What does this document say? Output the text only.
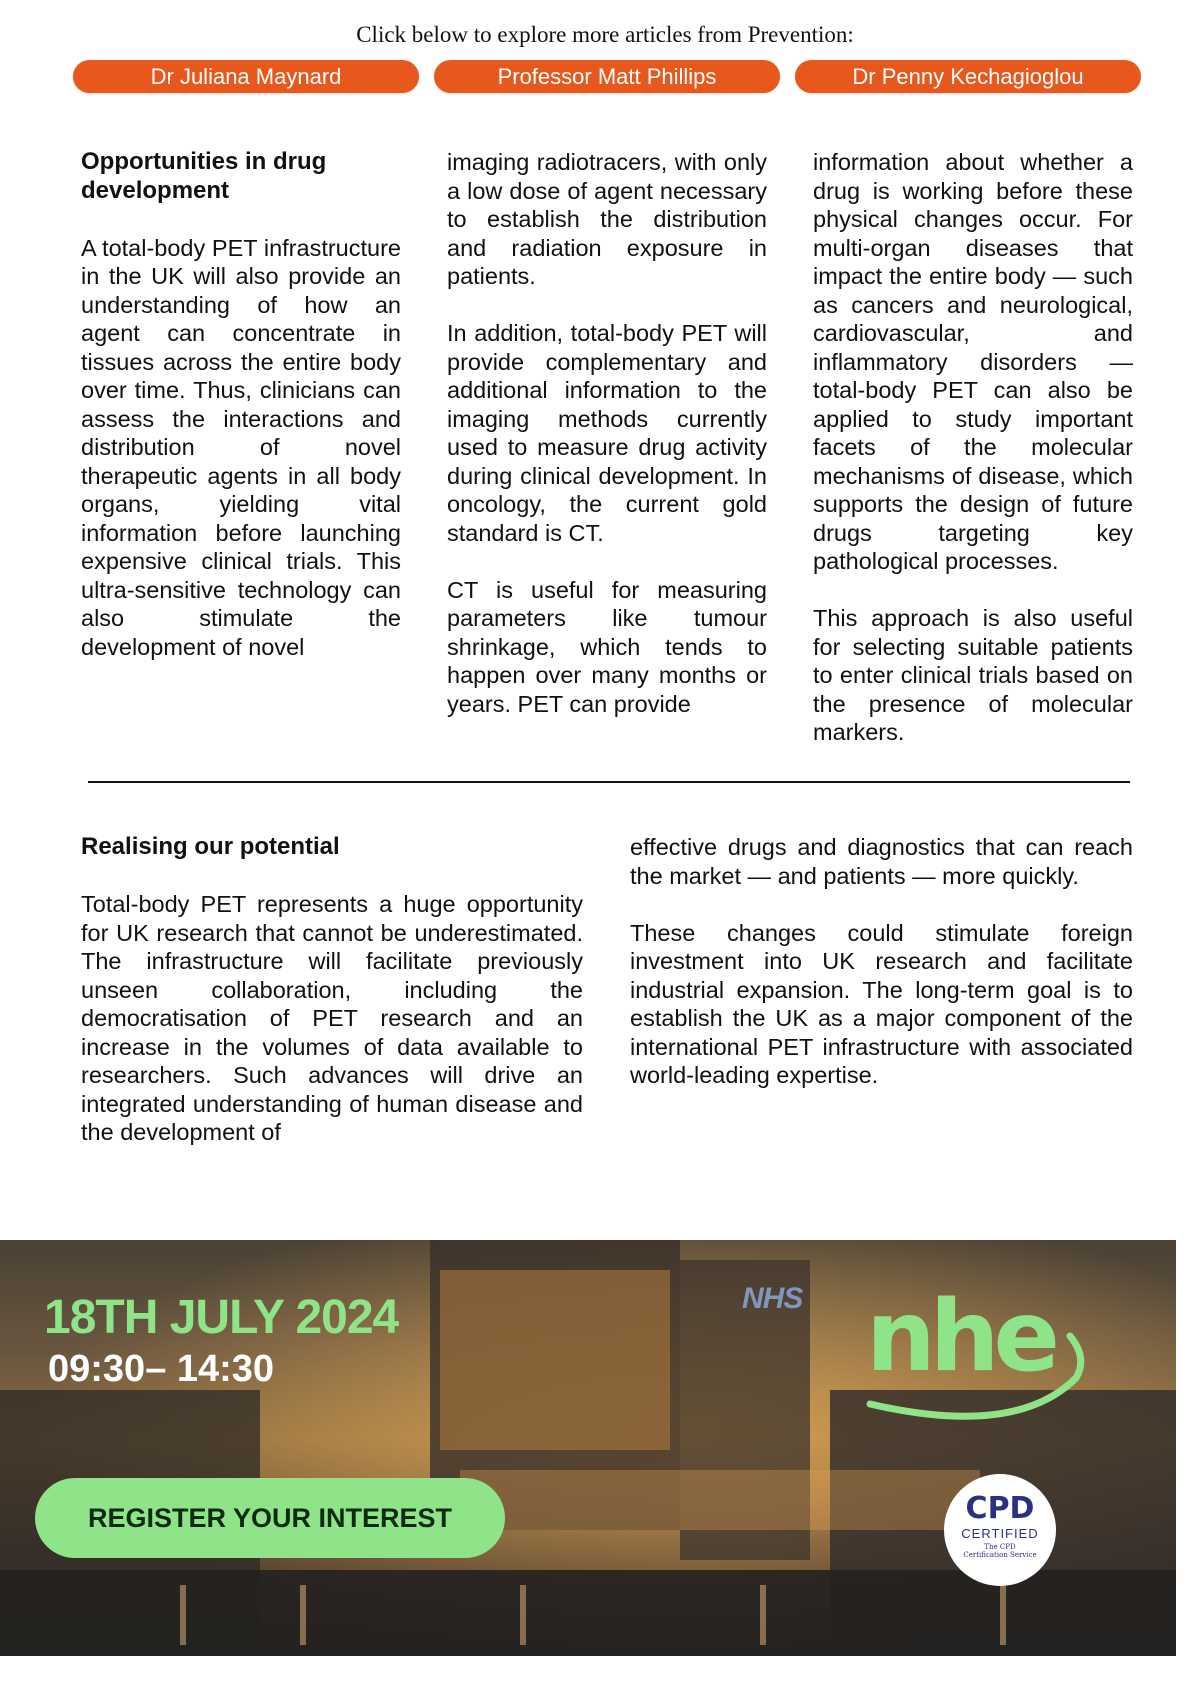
Click below to explore more articles from Prevention:
Dr Juliana Maynard	Professor Matt Phillips	Dr Penny Kechagioglou
Opportunities in drug development

A total-body PET infrastructure in the UK will also provide an understanding of how an agent can concentrate in tissues across the entire body over time. Thus, clinicians can assess the interactions and distribution of novel therapeutic agents in all body organs, yielding vital information before launching expensive clinical trials. This ultra-sensitive technology can also stimulate the development of novel

imaging radiotracers, with only a low dose of agent necessary to establish the distribution and radiation exposure in patients.

In addition, total-body PET will provide complementary and additional information to the imaging methods currently used to measure drug activity during clinical development. In oncology, the current gold standard is CT.

CT is useful for measuring parameters like tumour shrinkage, which tends to happen over many months or years. PET can provide

information about whether a drug is working before these physical changes occur. For multi-organ diseases that impact the entire body — such as cancers and neurological, cardiovascular, and inflammatory disorders — total-body PET can also be applied to study important facets of the molecular mechanisms of disease, which supports the design of future drugs targeting key pathological processes.

This approach is also useful for selecting suitable patients to enter clinical trials based on the presence of molecular markers.

Realising our potential

Total-body PET represents a huge opportunity for UK research that cannot be underestimated. The infrastructure will facilitate previously unseen collaboration, including the democratisation of PET research and an increase in the volumes of data available to researchers. Such advances will drive an integrated understanding of human disease and the development of

effective drugs and diagnostics that can reach the market — and patients — more quickly.

These changes could stimulate foreign investment into UK research and facilitate industrial expansion. The long-term goal is to establish the UK as a major component of the international PET infrastructure with associated world-leading expertise.

18TH JULY 2024
09:30– 14:30
REGISTER YOUR INTEREST
NHS nhe
CPD
CERTIFIED
The CPD Certification Service
